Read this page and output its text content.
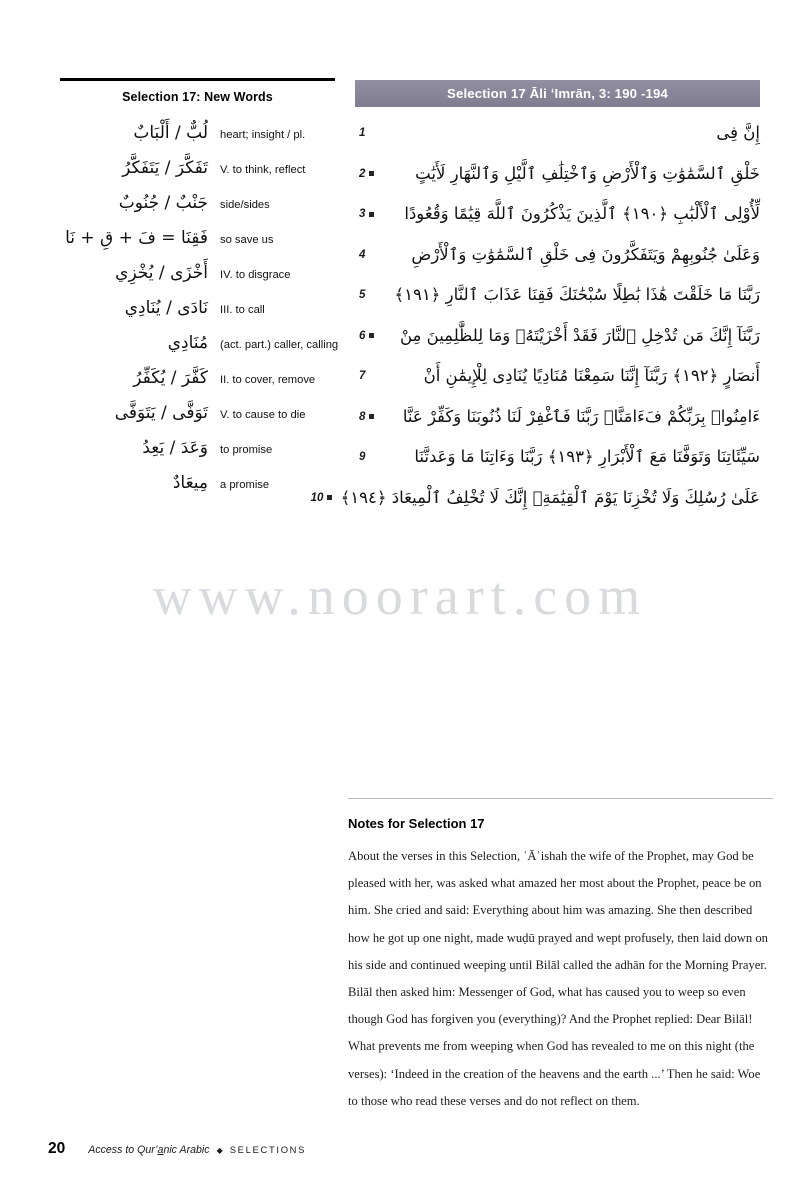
Selection 17: New Words
لُبٌّ / أَلْبَابٌ	heart; insight / pl.
تَفَكَّرَ / يَتَفَكَّرُ	V. to think, reflect
جَنْبٌ / جُنُوبٌ	side/sides
فَقِنَا = فَ + قِ + نَا	so save us
أَخْزَى / يُخْزِي	IV. to disgrace
نَادَى / يُنَادِي	III. to call
مُنَادِي	(act. part.) caller, calling
كَفَّرَ / يُكَفِّرُ	II. to cover, remove
تَوَفَّى / يَتَوَفَّى	V. to cause to die
وَعَدَ / يَعِدُ	to promise
مِيعَادٌ	a promise
Selection 17 Āli ʻImrān, 3: 190 -194
إِنَّ فِى
1
خَلْقِ ٱلسَّمَٰوَٰتِ وَٱلْأَرْضِ وَٱخْتِلَٰفِ ٱلَّيْلِ وَٱلنَّهَارِ لَأَيَٰتٍ
2
لِّأُوْلِى ٱلْأَلْبَٰبِ ﴿١٩٠﴾ ٱلَّذِينَ يَذْكُرُونَ ٱللَّهَ قِيَٰمًا وَقُعُودًا
3
وَعَلَىٰ جُنُوبِهِمْ وَيَتَفَكَّرُونَ فِى خَلْقِ ٱلسَّمَٰوَٰتِ وَٱلْأَرْضِ
4
رَبَّنَا مَا خَلَقْتَ هَٰذَا بَٰطِلًا سُبْحَٰنَكَ فَقِنَا عَذَابَ ٱلنَّارِ ﴿١٩١﴾
5
رَبَّنَآ إِنَّكَ مَن تُدْخِلِ ٱلنَّارَ فَقَدْ أَخْزَيْتَهُۖ وَمَا لِلظَّٰلِمِينَ مِنْ
6
أَنصَارٍ ﴿١٩٢﴾ رَبَّنَآ إِنَّنَا سَمِعْنَا مُنَادِيًا يُنَادِى لِلْإِيمَٰنِ أَنْ
7
ءَامِنُوا۟ بِرَبِّكُمْ فَءَامَنَّاۚ رَبَّنَا فَٱغْفِرْ لَنَا ذُنُوبَنَا وَكَفِّرْ عَنَّا
8
سَيِّئَاتِنَا وَتَوَفَّنَا مَعَ ٱلْأَبْرَارِ ﴿١٩٣﴾ رَبَّنَا وَءَاتِنَا مَا وَعَدتَّنَا
9
عَلَىٰ رُسُلِكَ وَلَا تُخْزِنَا يَوْمَ ٱلْقِيَٰمَةِۗ إِنَّكَ لَا تُخْلِفُ ٱلْمِيعَادَ ﴿١٩٤﴾
10
www.noorart.com
Notes for Selection 17
About the verses in this Selection, ʿĀʾishah the wife of the Prophet, may God be pleased with her, was asked what amazed her most about the Prophet, peace be on him. She cried and said: Everything about him was amazing. She then described how he got up one night, made wuḍū prayed and wept profusely, then laid down on his side and continued weeping until Bilāl called the adhān for the Morning Prayer. Bilāl then asked him: Messenger of God, what has caused you to weep so even though God has forgiven you (everything)? And the Prophet replied: Dear Bilāl! What prevents me from weeping when God has revealed to me on this night (the verses): ‘Indeed in the creation of the heavens and the earth ...’ Then he said: Woe to those who read these verses and do not reflect on them.
20 Access to Qur’anic Arabic ◆ SELECTIONS
